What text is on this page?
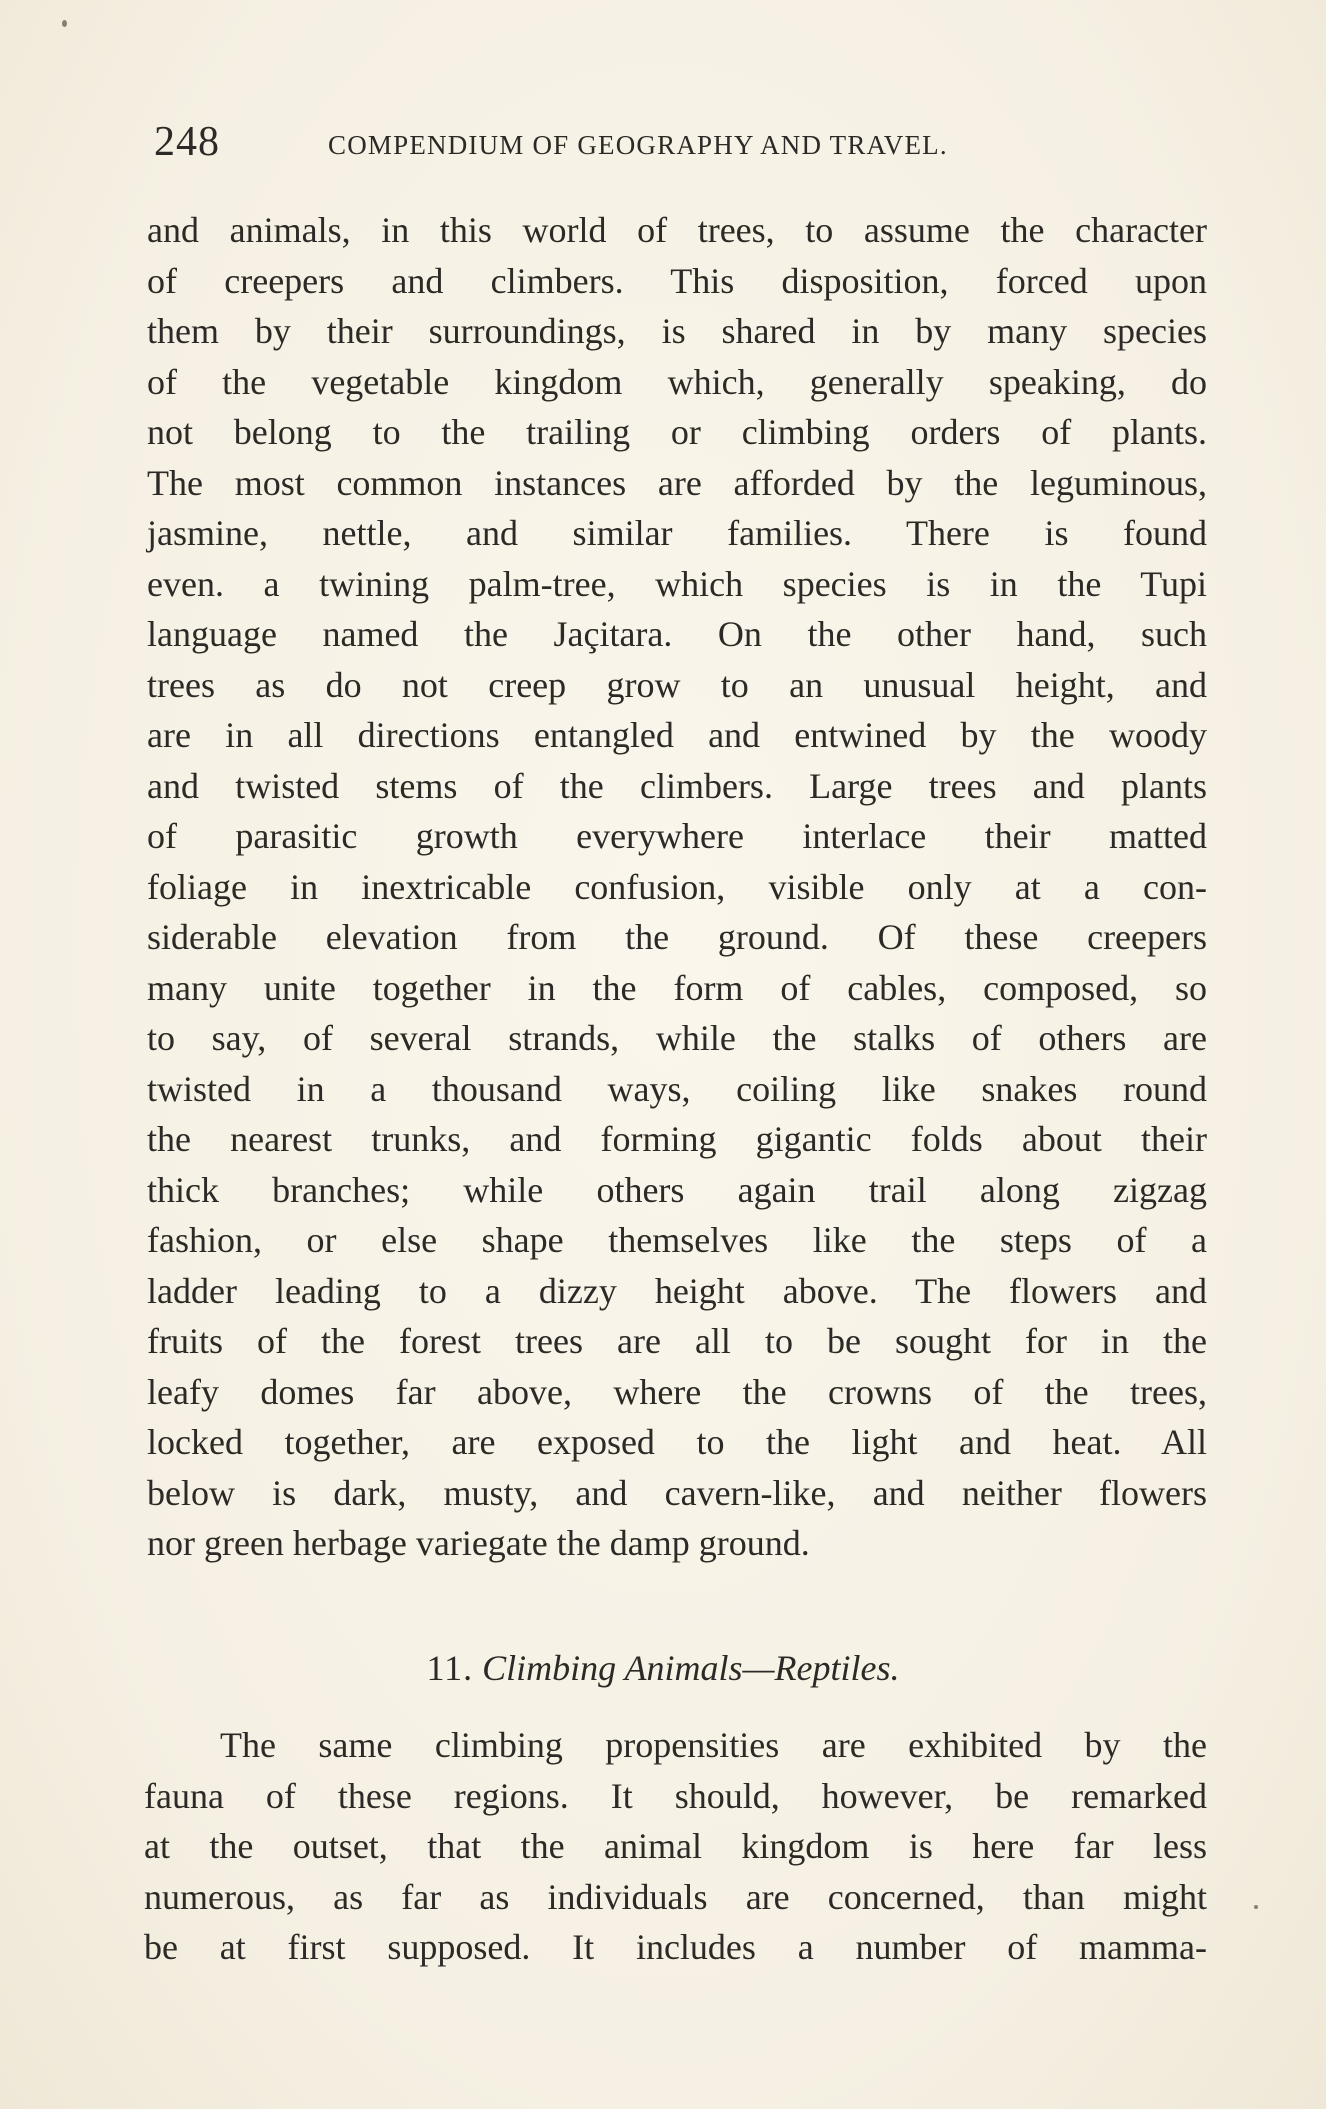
248	COMPENDIUM OF GEOGRAPHY AND TRAVEL.
and animals, in this world of trees, to assume the character
of creepers and climbers. This disposition, forced upon
them by their surroundings, is shared in by many species
of the vegetable kingdom which, generally speaking, do
not belong to the trailing or climbing orders of plants.
The most common instances are afforded by the leguminous,
jasmine, nettle, and similar families. There is found
even. a twining palm-tree, which species is in the Tupi
language named the Jaçitara. On the other hand, such
trees as do not creep grow to an unusual height, and
are in all directions entangled and entwined by the woody
and twisted stems of the climbers. Large trees and plants
of parasitic growth everywhere interlace their matted
foliage in inextricable confusion, visible only at a con-
siderable elevation from the ground. Of these creepers
many unite together in the form of cables, composed, so
to say, of several strands, while the stalks of others are
twisted in a thousand ways, coiling like snakes round
the nearest trunks, and forming gigantic folds about their
thick branches; while others again trail along zigzag
fashion, or else shape themselves like the steps of a
ladder leading to a dizzy height above. The flowers and
fruits of the forest trees are all to be sought for in the
leafy domes far above, where the crowns of the trees,
locked together, are exposed to the light and heat. All
below is dark, musty, and cavern-like, and neither flowers
nor green herbage variegate the damp ground.
11. Climbing Animals—Reptiles.
The same climbing propensities are exhibited by the
fauna of these regions. It should, however, be remarked
at the outset, that the animal kingdom is here far less
numerous, as far as individuals are concerned, than might
be at first supposed. It includes a number of mamma-
